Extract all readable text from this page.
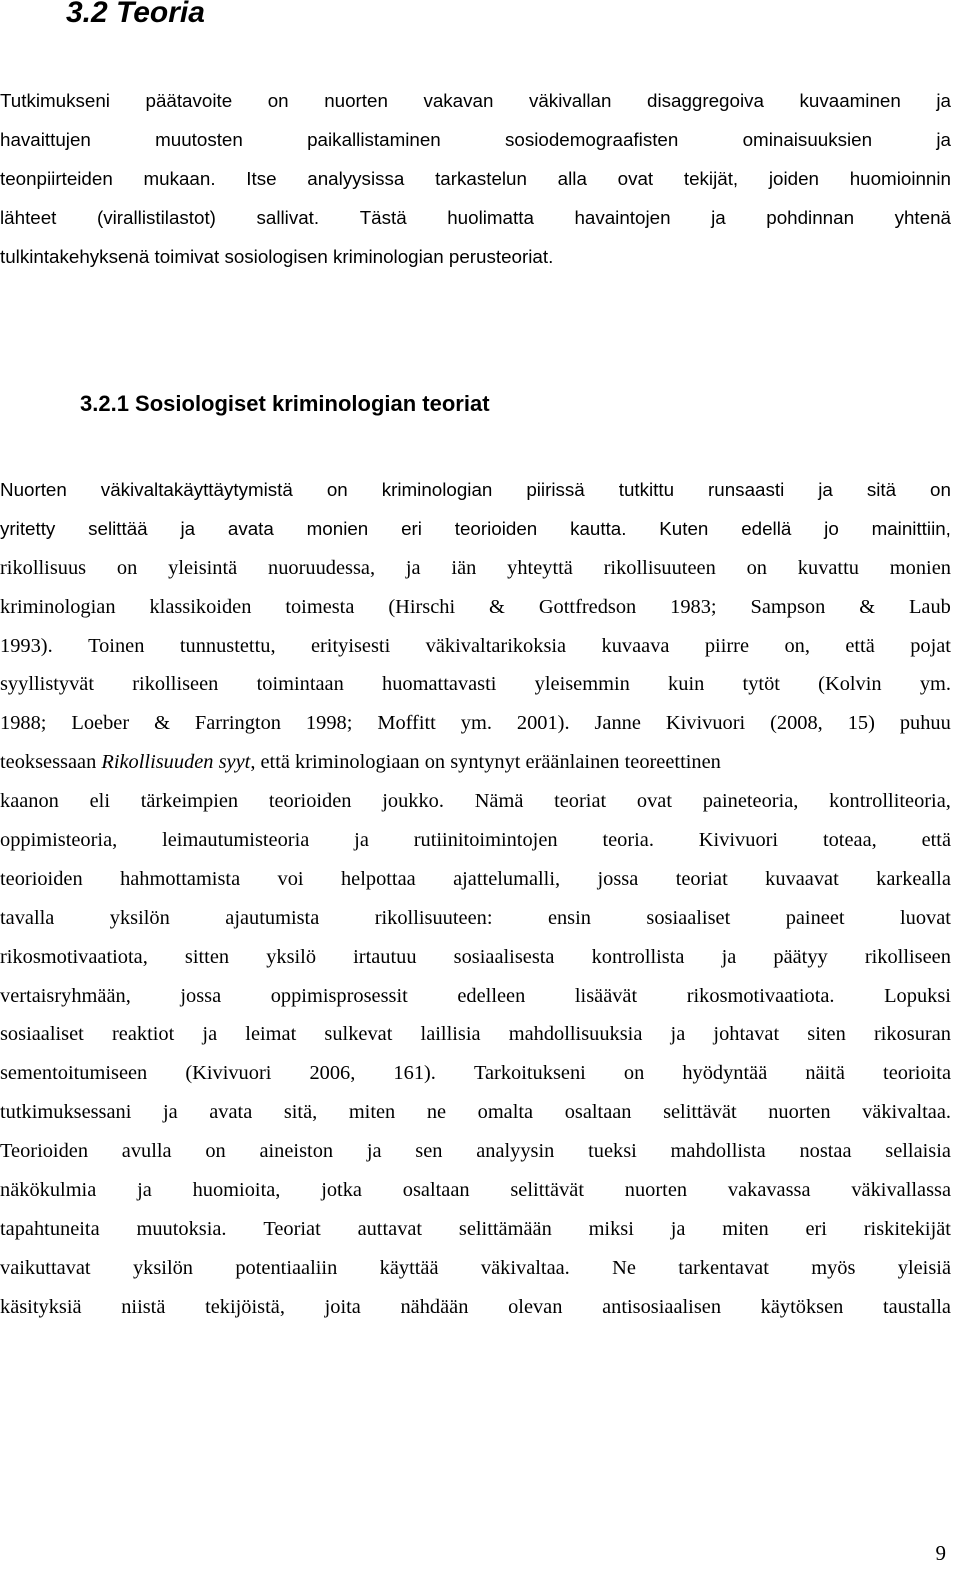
3.2 Teoria
Tutkimukseni päätavoite on nuorten vakavan väkivallan disaggregoiva kuvaaminen ja
havaittujen	muutosten	paikallistaminen	sosiodemograafisten	ominaisuuksien	ja
teonpiirteiden mukaan. Itse analyysissa tarkastelun alla ovat tekijät, joiden huomioinnin
lähteet (virallistilastot) sallivat. Tästä huolimatta havaintojen ja pohdinnan yhtenä
tulkintakehyksenä toimivat sosiologisen kriminologian perusteoriat.
3.2.1 Sosiologiset kriminologian teoriat
Nuorten väkivaltakäyttäytymistä on kriminologian piirissä tutkittu runsaasti ja sitä on
yritetty selittää ja avata monien eri teorioiden kautta. Kuten edellä jo mainittiin,
rikollisuus on yleisintä nuoruudessa, ja iän yhteyttä rikollisuuteen on kuvattu monien
kriminologian klassikoiden toimesta (Hirschi & Gottfredson 1983; Sampson & Laub
1993). Toinen tunnustettu, erityisesti väkivaltarikoksia kuvaava piirre on, että pojat
syyllistyvät rikolliseen toimintaan huomattavasti yleisemmin kuin tytöt (Kolvin ym.
1988; Loeber & Farrington 1998; Moffitt ym. 2001). Janne Kivivuori (2008, 15) puhuu
teoksessaan
Rikollisuuden syyt , että kriminologiaan on syntynyt eräänlainen teoreettinen
kaanon eli tärkeimpien teorioiden joukko. Nämä teoriat ovat paineteoria, kontrolliteoria,
oppimisteoria, leimautumisteoria ja rutiinitoimintojen teoria. Kivivuori toteaa, että
teorioiden hahmottamista voi helpottaa ajattelumalli, jossa teoriat kuvaavat karkealla
tavalla	yksilön	ajautumista	rikollisuuteen:	ensin	sosiaaliset	paineet	luovat
rikosmotivaatiota, sitten yksilö irtautuu sosiaalisesta kontrollista ja päätyy rikolliseen
vertaisryhmään, jossa oppimisprosessit edelleen lisäävät rikosmotivaatiota. Lopuksi
sosiaaliset reaktiot ja leimat sulkevat laillisia mahdollisuuksia ja johtavat siten rikosuran
sementoitumiseen (Kivivuori 2006, 161). Tarkoitukseni on hyödyntää näitä teorioita
tutkimuksessani ja avata sitä, miten ne omalta osaltaan selittävät nuorten väkivaltaa.
Teorioiden avulla on aineiston ja sen analyysin tueksi mahdollista nostaa sellaisia
näkökulmia ja huomioita, jotka osaltaan selittävät nuorten vakavassa väkivallassa
tapahtuneita muutoksia. Teoriat auttavat selittämään miksi ja miten eri riskitekijät
vaikuttavat yksilön potentiaaliin käyttää väkivaltaa. Ne tarkentavat myös yleisiä
käsityksiä niistä tekijöistä, joita nähdään olevan antisosiaalisen käytöksen taustalla
9
